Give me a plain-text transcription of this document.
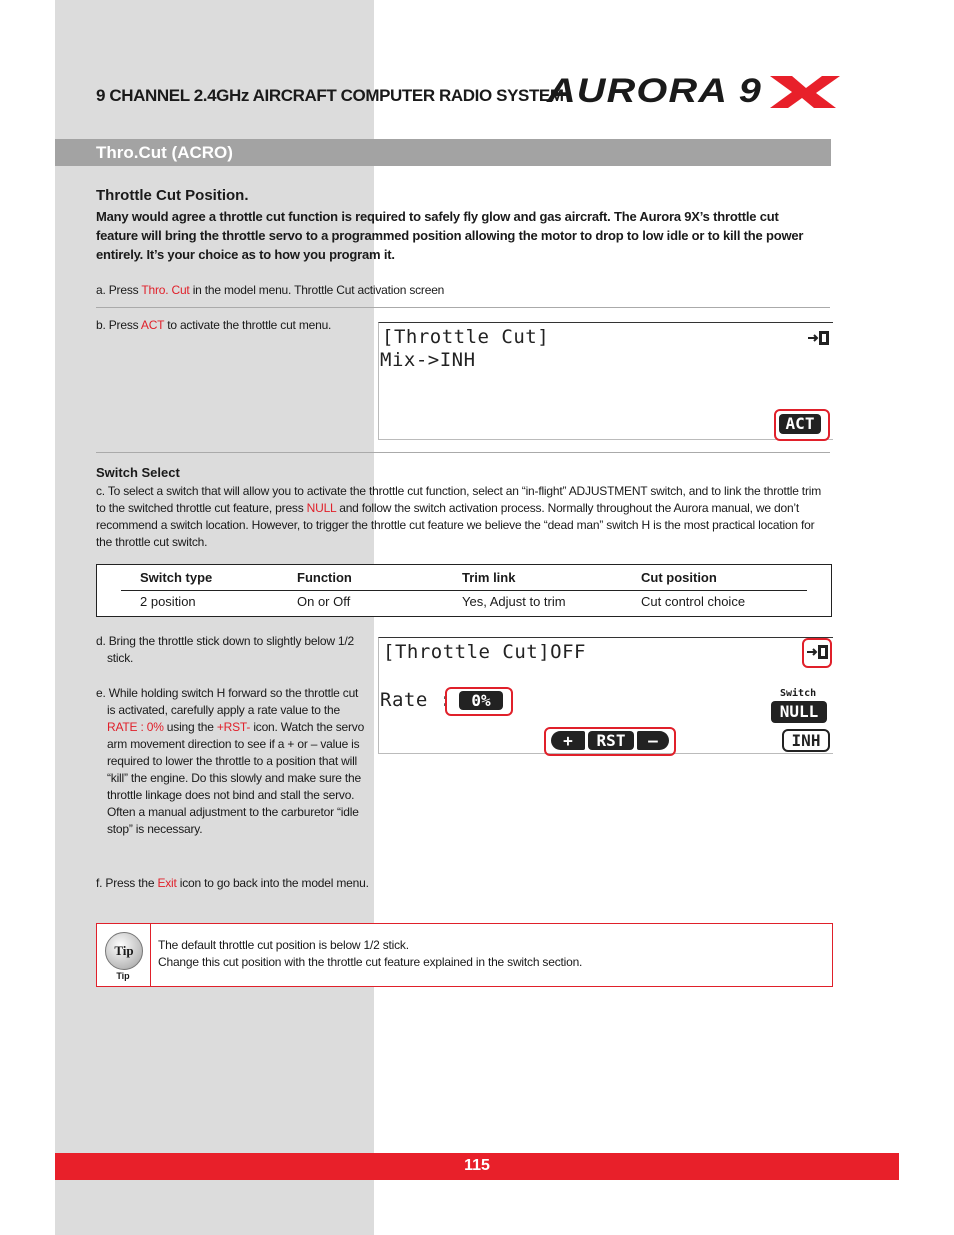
9 CHANNEL 2.4GHz AIRCRAFT COMPUTER RADIO SYSTEM
AURORA 9
Thro.Cut (ACRO)
Throttle Cut Position.
Many would agree a throttle cut function is required to safely fly glow and gas aircraft. The Aurora 9X’s throttle cut feature will bring the throttle servo to a programmed position allowing the motor to drop to low idle or to kill the power entirely. It’s your choice as to how you program it.
a. Press Thro. Cut in the model menu. Throttle Cut activation screen
b. Press ACT to activate the throttle cut menu.
[Throttle Cut]
Mix->INH
ACT
Switch Select
c. To select a switch that will allow you to activate the throttle cut function, select an “in-flight” ADJUSTMENT switch, and to link the throttle trim to the switched throttle cut feature, press NULL and follow the switch activation process. Normally throughout the Aurora manual, we don’t recommend a switch location. However, to trigger the throttle cut feature we believe the “dead man” switch H is the most practical location for the throttle cut switch.
Switch type	Function	Trim link	Cut position
2 position	On or Off	Yes, Adjust to trim	Cut control choice
d. Bring the throttle stick down to slightly below 1/2 stick.
e. While holding switch H forward so the throttle cut is activated, carefully apply a rate value to the RATE : 0% using the +RST- icon. Watch the servo arm movement direction to see if a + or – value is required to lower the throttle to a position that will “kill” the engine. Do this slowly and make sure the throttle linkage does not bind and stall the servo. Often a manual adjustment to the carburetor “idle stop” is necessary.
f. Press the Exit icon to go back into the model menu.
[Throttle Cut]OFF
Rate :	0%	Switch
NULL
+	RST	–	INH
Tip
Tip
The default throttle cut position is below 1/2 stick.
Change this cut position with the throttle cut feature explained in the switch section.
115
